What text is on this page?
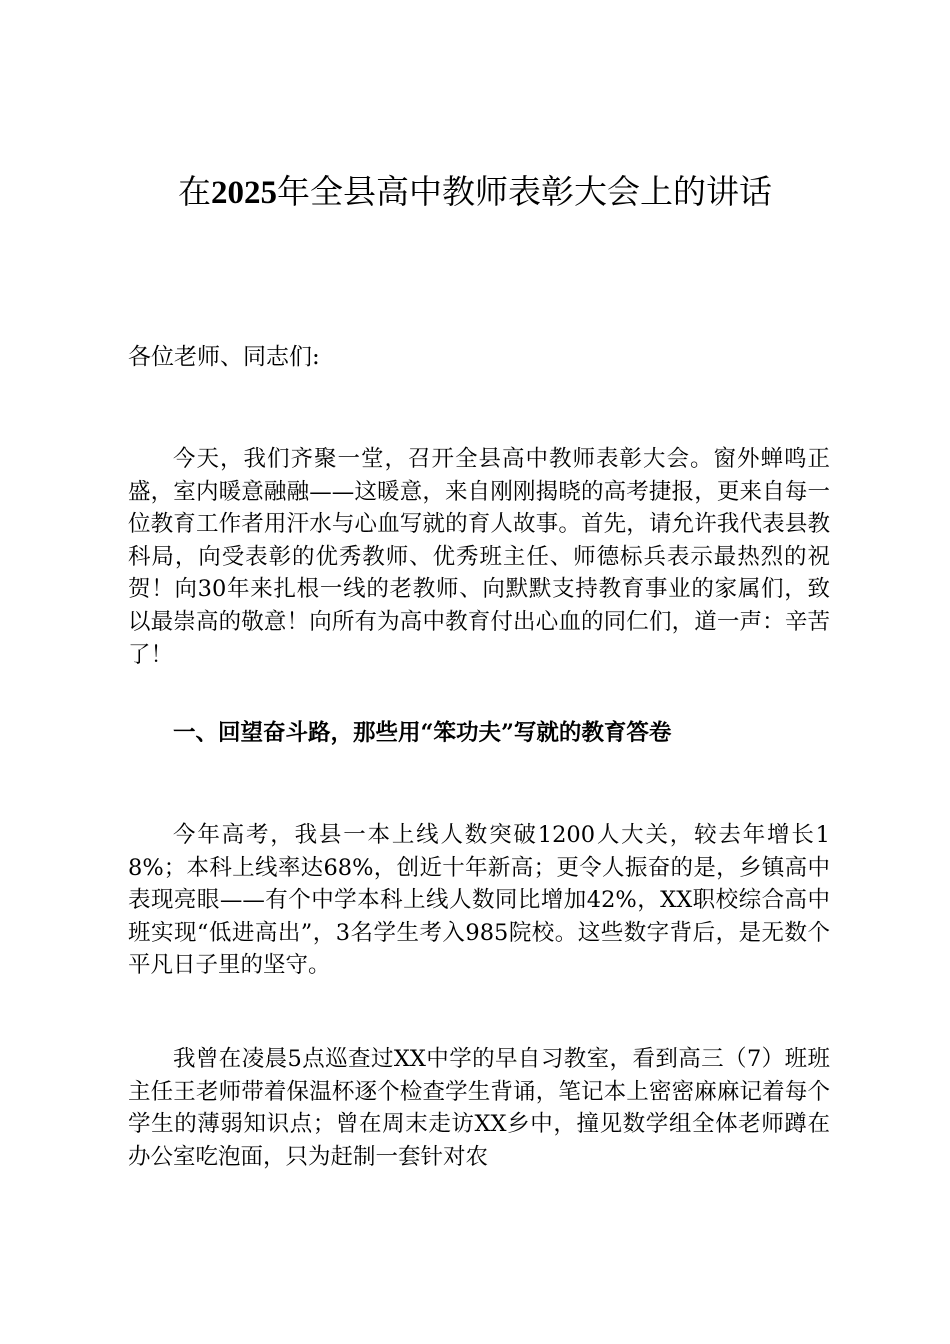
在2025年全县高中教师表彰大会上的讲话
各位老师、同志们:

今天，我们齐聚一堂，召开全县高中教师表彰大会。窗外蝉鸣正盛，室内暖意融融——这暖意，来自刚刚揭晓的高考捷报，更来自每一位教育工作者用汗水与心血写就的育人故事。首先，请允许我代表县教科局，向受表彰的优秀教师、优秀班主任、师德标兵表示最热烈的祝贺！向30年来扎根一线的老教师、向默默支持教育事业的家属们，致以最崇高的敬意！向所有为高中教育付出心血的同仁们，道一声：辛苦了！

一、回望奋斗路，那些用“笨功夫”写就的教育答卷

今年高考，我县一本上线人数突破1200人大关，较去年增长18%；本科上线率达68%，创近十年新高；更令人振奋的是，乡镇高中表现亮眼——有个中学本科上线人数同比增加42%，XX职校综合高中班实现“低进高出”，3名学生考入985院校。这些数字背后，是无数个平凡日子里的坚守。

我曾在凌晨5点巡查过XX中学的早自习教室，看到高三（7）班班主任王老师带着保温杯逐个检查学生背诵，笔记本上密密麻麻记着每个学生的薄弱知识点；曾在周末走访XX乡中，撞见数学组全体老师蹲在办公室吃泡面，只为赶制一套针对农
